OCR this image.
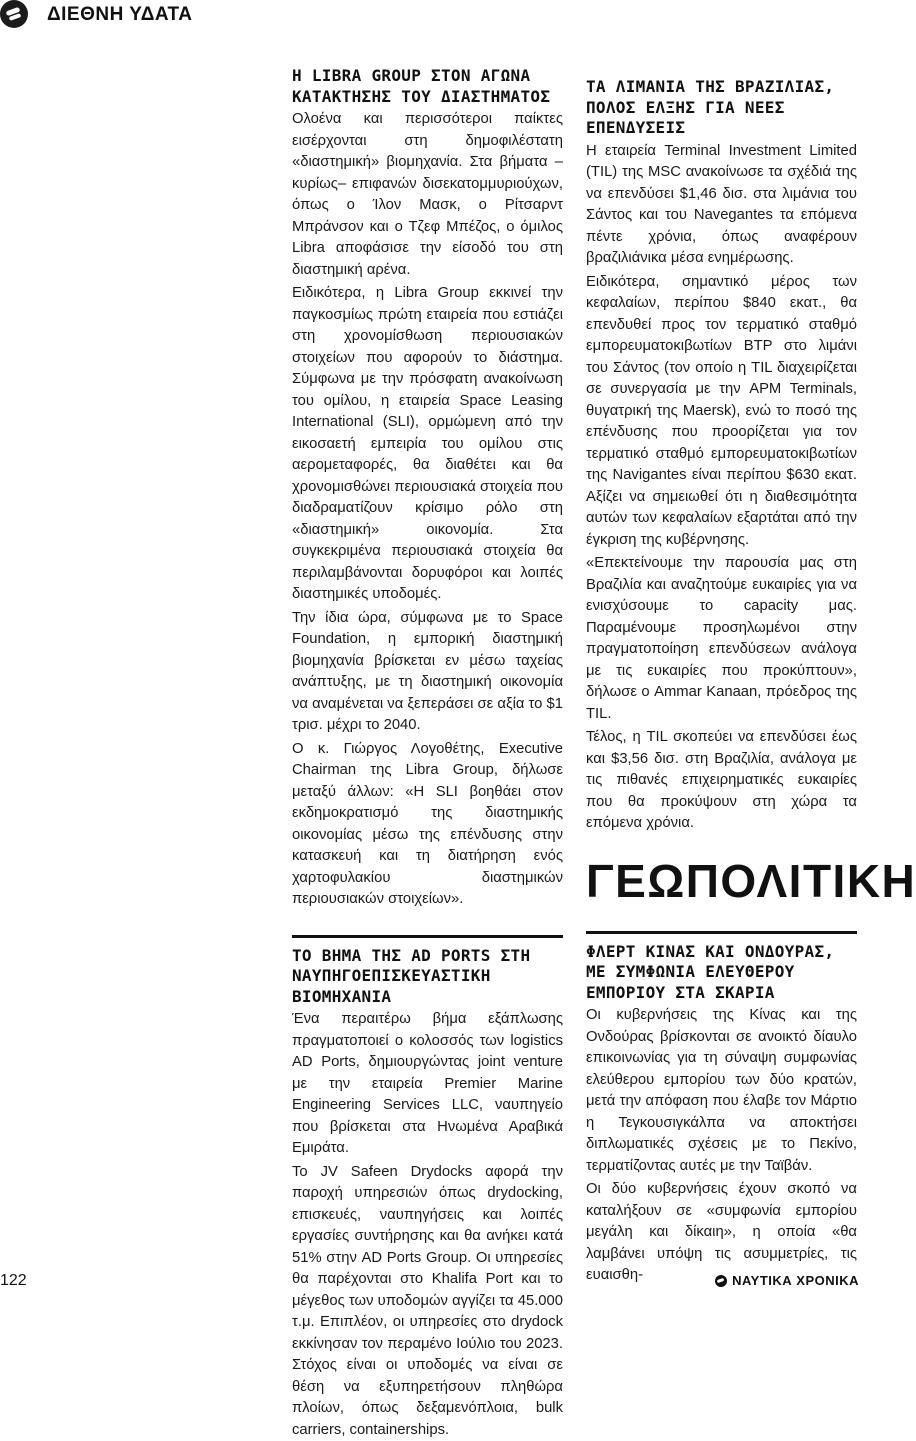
ΔΙΕΘΝΗ ΥΔΑΤΑ
Η LIBRA GROUP ΣΤΟΝ ΑΓΩΝΑ ΚΑΤΑΚΤΗΣΗΣ ΤΟΥ ΔΙΑΣΤΗΜΑΤΟΣ

Ολοένα και περισσότεροι παίκτες εισέρχονται στη δημοφιλέστατη «διαστημική» βιομηχανία. Στα βήματα –κυρίως– επιφανών δισεκατομμυριούχων, όπως ο Ίλον Μασκ, ο Ρίτσαρντ Μπράνσον και ο Τζεφ Μπέζος, ο όμιλος Libra αποφάσισε την είσοδό του στη διαστημική αρένα.

Ειδικότερα, η Libra Group εκκινεί την παγκοσμίως πρώτη εταιρεία που εστιάζει στη χρονομίσθωση περιουσιακών στοιχείων που αφορούν το διάστημα. Σύμφωνα με την πρόσφατη ανακοίνωση του ομίλου, η εταιρεία Space Leasing International (SLI), ορμώμενη από την εικοσαετή εμπειρία του ομίλου στις αερομεταφορές, θα διαθέτει και θα χρονομισθώνει περιουσιακά στοιχεία που διαδραματίζουν κρίσιμο ρόλο στη «διαστημική» οικονομία. Στα συγκεκριμένα περιουσιακά στοιχεία θα περιλαμβάνονται δορυφόροι και λοιπές διαστημικές υποδομές.

Την ίδια ώρα, σύμφωνα με το Space Foundation, η εμπορική διαστημική βιομηχανία βρίσκεται εν μέσω ταχείας ανάπτυξης, με τη διαστημική οικονομία να αναμένεται να ξεπεράσει σε αξία το $1 τρισ. μέχρι το 2040.

Ο κ. Γιώργος Λογοθέτης, Executive Chairman της Libra Group, δήλωσε μεταξύ άλλων: «Η SLI βοηθάει στον εκδημοκρατισμό της διαστημικής οικονομίας μέσω της επένδυσης στην κατασκευή και τη διατήρηση ενός χαρτοφυλακίου διαστημικών περιουσιακών στοιχείων».

ΤΟ ΒΗΜΑ ΤΗΣ AD PORTS ΣΤΗ ΝΑΥΠΗΓΟΕΠΙΣΚΕΥΑΣΤΙΚΗ ΒΙΟΜΗΧΑΝΙΑ

Ένα περαιτέρω βήμα εξάπλωσης πραγματοποιεί ο κολοσσός των logistics AD Ports, δημιουργώντας joint venture με την εταιρεία Premier Marine Engineering Services LLC, ναυπηγείο που βρίσκεται στα Ηνωμένα Αραβικά Εμιράτα.

Το JV Safeen Drydocks αφορά την παροχή υπηρεσιών όπως drydocking, επισκευές, ναυπηγήσεις και λοιπές εργασίες συντήρησης και θα ανήκει κατά 51% στην AD Ports Group. Οι υπηρεσίες θα παρέχονται στο Khalifa Port και το μέγεθος των υποδομών αγγίζει τα 45.000 τ.μ. Επιπλέον, οι υπηρεσίες στο drydock εκκίνησαν τον περαμένο Ιούλιο του 2023. Στόχος είναι οι υποδομές να είναι σε θέση να εξυπηρετήσουν πληθώρα πλοίων, όπως δεξαμενόπλοια, bulk carriers, containerships.

ΤΑ ΛΙΜΑΝΙΑ ΤΗΣ ΒΡΑΖΙΛΙΑΣ, ΠΟΛΟΣ ΕΛΞΗΣ ΓΙΑ ΝΕΕΣ ΕΠΕΝΔΥΣΕΙΣ

Η εταιρεία Terminal Investment Limited (TIL) της MSC ανακοίνωσε τα σχέδιά της να επενδύσει $1,46 δισ. στα λιμάνια του Σάντος και του Navegantes τα επόμενα πέντε χρόνια, όπως αναφέρουν βραζιλιάνικα μέσα ενημέρωσης.

Ειδικότερα, σημαντικό μέρος των κεφαλαίων, περίπου $840 εκατ., θα επενδυθεί προς τον τερματικό σταθμό εμπορευματοκιβωτίων BTP στο λιμάνι του Σάντος (τον οποίο η TIL διαχειρίζεται σε συνεργασία με την APM Terminals, θυγατρική της Maersk), ενώ το ποσό της επένδυσης που προορίζεται για τον τερματικό σταθμό εμπορευματοκιβωτίων της Navigantes είναι περίπου $630 εκατ. Αξίζει να σημειωθεί ότι η διαθεσιμότητα αυτών των κεφαλαίων εξαρτάται από την έγκριση της κυβέρνησης.

«Επεκτείνουμε την παρουσία μας στη Βραζιλία και αναζητούμε ευκαιρίες για να ενισχύσουμε το capacity μας. Παραμένουμε προσηλωμένοι στην πραγματοποίηση επενδύσεων ανάλογα με τις ευκαιρίες που προκύπτουν», δήλωσε ο Ammar Kanaan, πρόεδρος της TIL.

Τέλος, η TIL σκοπεύει να επενδύσει έως και $3,56 δισ. στη Βραζιλία, ανάλογα με τις πιθανές επιχειρηματικές ευκαιρίες που θα προκύψουν στη χώρα τα επόμενα χρόνια.

ΓΕΩΠΟΛΙΤΙΚΗ
ΦΛΕΡΤ ΚΙΝΑΣ ΚΑΙ ΟΝΔΟΥΡΑΣ, ΜΕ ΣΥΜΦΩΝΙΑ ΕΛΕΥΘΕΡΟΥ ΕΜΠΟΡΙΟΥ ΣΤΑ ΣΚΑΡΙΑ

Οι κυβερνήσεις της Κίνας και της Ονδούρας βρίσκονται σε ανοικτό δίαυλο επικοινωνίας για τη σύναψη συμφωνίας ελεύθερου εμπορίου των δύο κρατών, μετά την απόφαση που έλαβε τον Μάρτιο η Τεγκουσιγκάλπα να αποκτήσει διπλωματικές σχέσεις με το Πεκίνο, τερματίζοντας αυτές με την Ταϊβάν.

Οι δύο κυβερνήσεις έχουν σκοπό να καταλήξουν σε «συμφωνία εμπορίου μεγάλη και δίκαιη», η οποία «θα λαμβάνει υπόψη τις ασυμμετρίες, τις ευαισθη-

122	ΝΑΥΤΙΚΑ ΧΡΟΝΙΚΑ
